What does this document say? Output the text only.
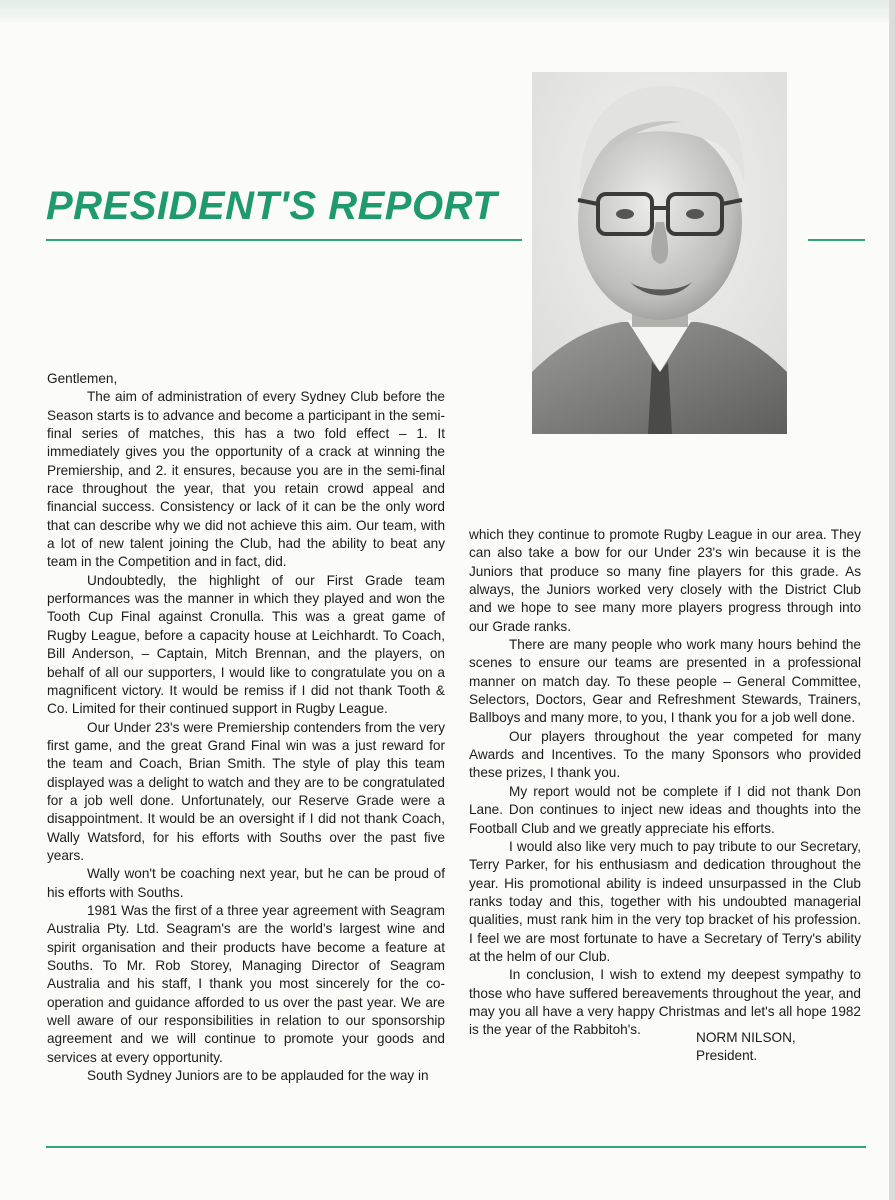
PRESIDENT'S REPORT

Gentlemen,

The aim of administration of every Sydney Club before the Season starts is to advance and become a participant in the semi-final series of matches, this has a two fold effect – 1. It immediately gives you the opportunity of a crack at winning the Premiership, and 2. it ensures, because you are in the semi-final race throughout the year, that you retain crowd appeal and financial success. Consistency or lack of it can be the only word that can describe why we did not achieve this aim. Our team, with a lot of new talent joining the Club, had the ability to beat any team in the Competition and in fact, did.

Undoubtedly, the highlight of our First Grade team performances was the manner in which they played and won the Tooth Cup Final against Cronulla. This was a great game of Rugby League, before a capacity house at Leichhardt. To Coach, Bill Anderson, – Captain, Mitch Brennan, and the players, on behalf of all our supporters, I would like to congratulate you on a magnificent victory. It would be remiss if I did not thank Tooth & Co. Limited for their continued support in Rugby League.

Our Under 23's were Premiership contenders from the very first game, and the great Grand Final win was a just reward for the team and Coach, Brian Smith. The style of play this team displayed was a delight to watch and they are to be congratulated for a job well done. Unfortunately, our Reserve Grade were a disappointment. It would be an oversight if I did not thank Coach, Wally Watsford, for his efforts with Souths over the past five years.

Wally won't be coaching next year, but he can be proud of his efforts with Souths.

1981 Was the first of a three year agreement with Seagram Australia Pty. Ltd. Seagram's are the world's largest wine and spirit organisation and their products have become a feature at Souths. To Mr. Rob Storey, Managing Director of Seagram Australia and his staff, I thank you most sincerely for the co-operation and guidance afforded to us over the past year. We are well aware of our responsibilities in relation to our sponsorship agreement and we will continue to promote your goods and services at every opportunity.

South Sydney Juniors are to be applauded for the way in

which they continue to promote Rugby League in our area. They can also take a bow for our Under 23's win because it is the Juniors that produce so many fine players for this grade. As always, the Juniors worked very closely with the District Club and we hope to see many more players progress through into our Grade ranks.

There are many people who work many hours behind the scenes to ensure our teams are presented in a professional manner on match day. To these people – General Committee, Selectors, Doctors, Gear and Refreshment Stewards, Trainers, Ballboys and many more, to you, I thank you for a job well done.

Our players throughout the year competed for many Awards and Incentives. To the many Sponsors who provided these prizes, I thank you.

My report would not be complete if I did not thank Don Lane. Don continues to inject new ideas and thoughts into the Football Club and we greatly appreciate his efforts.

I would also like very much to pay tribute to our Secretary, Terry Parker, for his enthusiasm and dedication throughout the year. His promotional ability is indeed unsurpassed in the Club ranks today and this, together with his undoubted managerial qualities, must rank him in the very top bracket of his profession. I feel we are most fortunate to have a Secretary of Terry's ability at the helm of our Club.

In conclusion, I wish to extend my deepest sympathy to those who have suffered bereavements throughout the year, and may you all have a very happy Christmas and let's all hope 1982 is the year of the Rabbitoh's.

NORM NILSON,
President.
